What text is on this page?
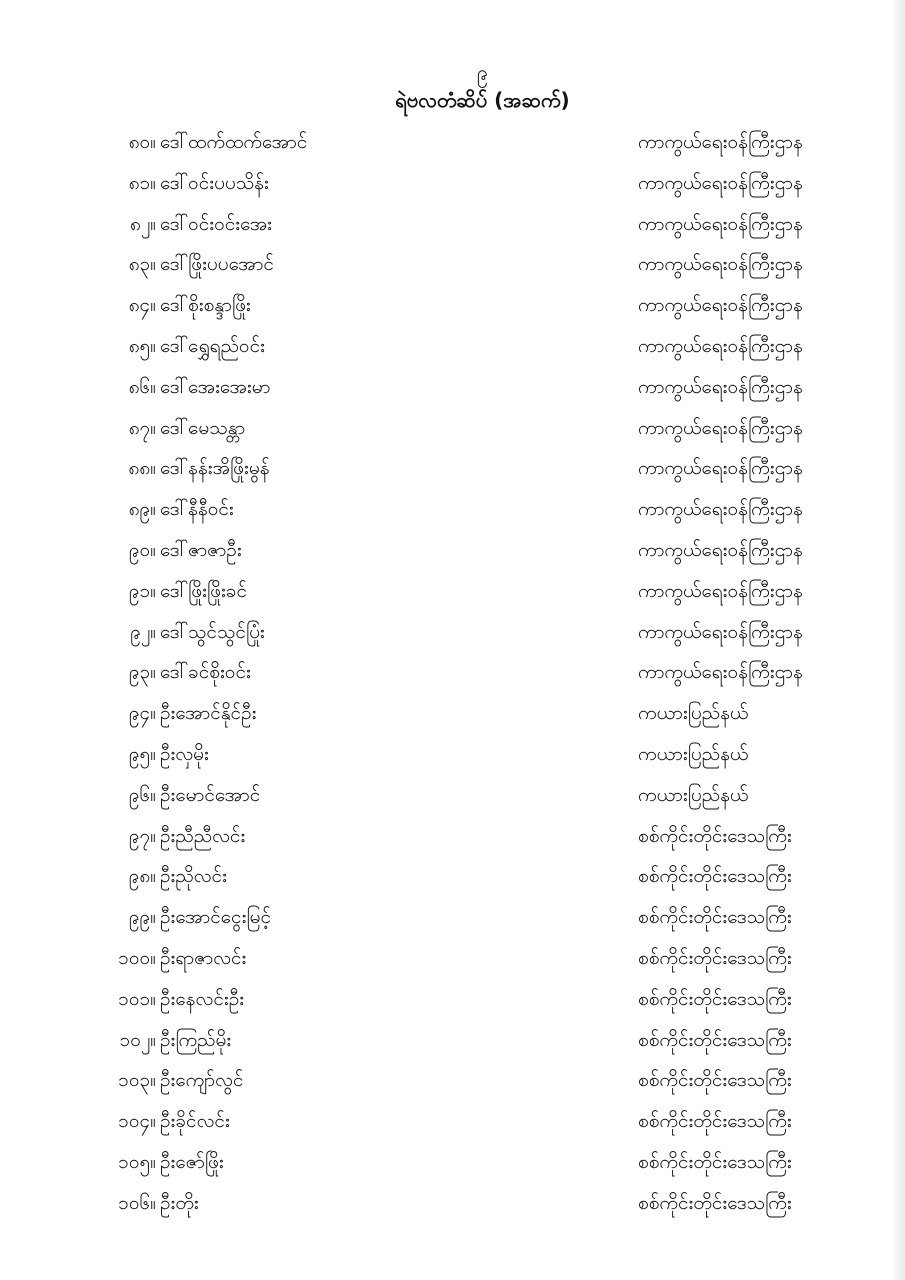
၉
ရဲဗလတံဆိပ် (အဆက်)
၈၀။ ဒေါ်ထက်ထက်အောင်	ကာကွယ်ရေးဝန်ကြီးဌာန
၈၁။ ဒေါ်ဝင်းပပသိန်း	ကာကွယ်ရေးဝန်ကြီးဌာန
၈၂။ ဒေါ်ဝင်းဝင်းအေး	ကာကွယ်ရေးဝန်ကြီးဌာန
၈၃။ ဒေါ်ဖြိုးပပအောင်	ကာကွယ်ရေးဝန်ကြီးဌာန
၈၄။ ဒေါ်စိုးစန္ဒာဖြိုး	ကာကွယ်ရေးဝန်ကြီးဌာန
၈၅။ ဒေါ်ရွှေရည်ဝင်း	ကာကွယ်ရေးဝန်ကြီးဌာန
၈၆။ ဒေါ်အေးအေးမာ	ကာကွယ်ရေးဝန်ကြီးဌာန
၈၇။ ဒေါ်မေသန္တာ	ကာကွယ်ရေးဝန်ကြီးဌာန
၈၈။ ဒေါ်နန်းအိဖြိုးမွန်	ကာကွယ်ရေးဝန်ကြီးဌာန
၈၉။ ဒေါ်နီနီဝင်း	ကာကွယ်ရေးဝန်ကြီးဌာန
၉၀။ ဒေါ်ဇာဇာဦး	ကာကွယ်ရေးဝန်ကြီးဌာန
၉၁။ ဒေါ်ဖြိုးဖြိုးခင်	ကာကွယ်ရေးဝန်ကြီးဌာန
၉၂။ ဒေါ်သွင်သွင်ပြုံး	ကာကွယ်ရေးဝန်ကြီးဌာန
၉၃။ ဒေါ်ခင်စိုးဝင်း	ကာကွယ်ရေးဝန်ကြီးဌာန
၉၄။ ဦးအောင်နိုင်ဦး	ကယားပြည်နယ်
၉၅။ ဦးလှမိုး	ကယားပြည်နယ်
၉၆။ ဦးမောင်အောင်	ကယားပြည်နယ်
၉၇။ ဦးညီညီလင်း	စစ်ကိုင်းတိုင်းဒေသကြီး
၉၈။ ဦးညိုလင်း	စစ်ကိုင်းတိုင်းဒေသကြီး
၉၉။ ဦးအောင်ငွေးမြင့်	စစ်ကိုင်းတိုင်းဒေသကြီး
၁၀၀။ ဦးရာဇာလင်း	စစ်ကိုင်းတိုင်းဒေသကြီး
၁၀၁။ ဦးနေလင်းဦး	စစ်ကိုင်းတိုင်းဒေသကြီး
၁၀၂။ ဦးကြည်မိုး	စစ်ကိုင်းတိုင်းဒေသကြီး
၁၀၃။ ဦးကျော်လွင်	စစ်ကိုင်းတိုင်းဒေသကြီး
၁၀၄။ ဦးခိုင်လင်း	စစ်ကိုင်းတိုင်းဒေသကြီး
၁၀၅။ ဦးဇော်ဖြိုး	စစ်ကိုင်းတိုင်းဒေသကြီး
၁၀၆။ ဦးတိုး	စစ်ကိုင်းတိုင်းဒေသကြီး
